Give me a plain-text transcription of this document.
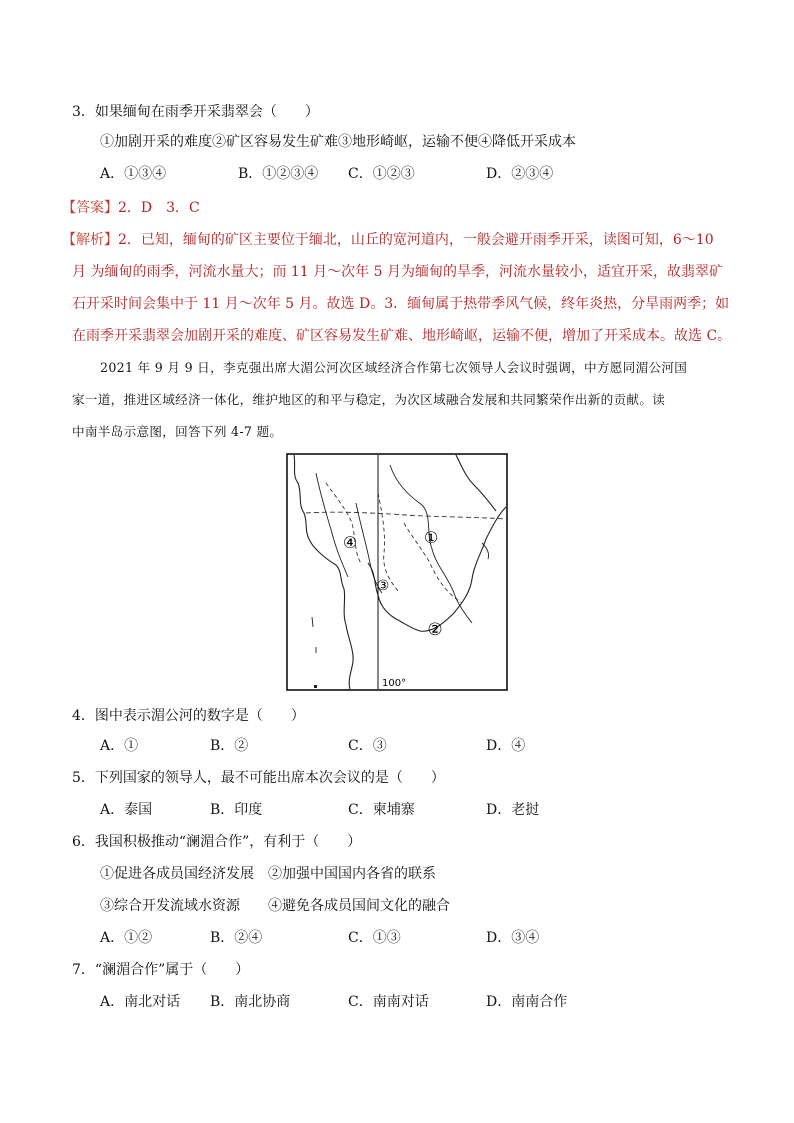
3．如果缅甸在雨季开采翡翠会（　　）
①加剧开采的难度②矿区容易发生矿难③地形崎岖，运输不便④降低开采成本
A．①③④	B．①②③④ C．①②③	D．②③④
【答案】2．D　3．C
【解析】2．已知，缅甸的矿区主要位于缅北，山丘的宽河道内，一般会避开雨季开采，读图可知，6～10
月 为缅甸的雨季，河流水量大；而 11 月～次年 5 月为缅甸的旱季，河流水量较小，适宜开采，故翡翠矿
石开采时间会集中于 11 月～次年 5 月。故选 D。3．缅甸属于热带季风气候，终年炎热，分旱雨两季；如
在雨季开采翡翠会加剧开采的难度、矿区容易发生矿难、地形崎岖，运输不便，增加了开采成本。故选 C。
2021 年 9 月 9 日，李克强出席大湄公河次区域经济合作第七次领导人会议时强调，中方愿同湄公河国
家一道，推进区域经济一体化，维护地区的和平与稳定，为次区域融合发展和共同繁荣作出新的贡献。读
中南半岛示意图，回答下列 4-7 题。
①
②
③
④
100°
4．图中表示湄公河的数字是（　　）
A．①	B．②	C．③	D．④
5．下列国家的领导人，最不可能出席本次会议的是（　　）
A．泰国	B．印度	C．柬埔寨	D．老挝
6．我国积极推动“澜湄合作”，有利于（　　）
①促进各成员国经济发展　②加强中国国内各省的联系
③综合开发流域水资源　　④避免各成员国间文化的融合
A．①②	B．②④	C．①③	D．③④
7．“澜湄合作”属于（　　）
A．南北对话 B．南北协商	C．南南对话	D．南南合作
